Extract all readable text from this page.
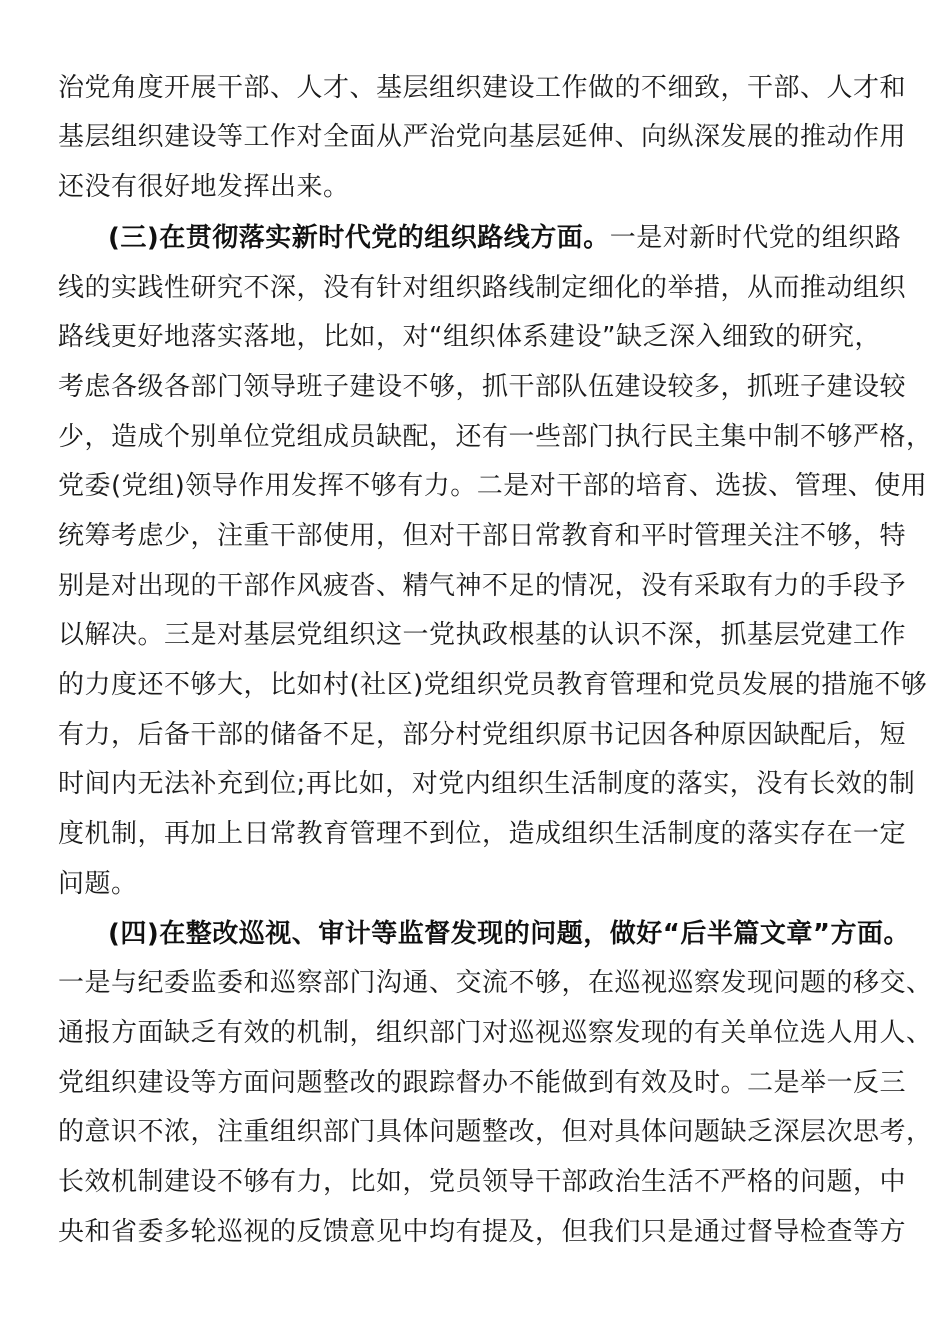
治党角度开展干部、人才、基层组织建设工作做的不细致，干部、人才和
基层组织建设等工作对全面从严治党向基层延伸、向纵深发展的推动作用
还没有很好地发挥出来。
(三)在贯彻落实新时代党的组织路线方面。一是对新时代党的组织路
线的实践性研究不深，没有针对组织路线制定细化的举措，从而推动组织
路线更好地落实落地，比如，对“组织体系建设”缺乏深入细致的研究，
考虑各级各部门领导班子建设不够，抓干部队伍建设较多，抓班子建设较
少，造成个别单位党组成员缺配，还有一些部门执行民主集中制不够严格，
党委(党组)领导作用发挥不够有力。二是对干部的培育、选拔、管理、使用
统筹考虑少，注重干部使用，但对干部日常教育和平时管理关注不够，特
别是对出现的干部作风疲沓、精气神不足的情况，没有采取有力的手段予
以解决。三是对基层党组织这一党执政根基的认识不深，抓基层党建工作
的力度还不够大，比如村(社区)党组织党员教育管理和党员发展的措施不够
有力，后备干部的储备不足，部分村党组织原书记因各种原因缺配后，短
时间内无法补充到位;再比如，对党内组织生活制度的落实，没有长效的制
度机制，再加上日常教育管理不到位，造成组织生活制度的落实存在一定
问题。
(四)在整改巡视、审计等监督发现的问题，做好“后半篇文章”方面。
一是与纪委监委和巡察部门沟通、交流不够，在巡视巡察发现问题的移交、
通报方面缺乏有效的机制，组织部门对巡视巡察发现的有关单位选人用人、
党组织建设等方面问题整改的跟踪督办不能做到有效及时。二是举一反三
的意识不浓，注重组织部门具体问题整改，但对具体问题缺乏深层次思考，
长效机制建设不够有力，比如，党员领导干部政治生活不严格的问题，中
央和省委多轮巡视的反馈意见中均有提及，但我们只是通过督导检查等方
